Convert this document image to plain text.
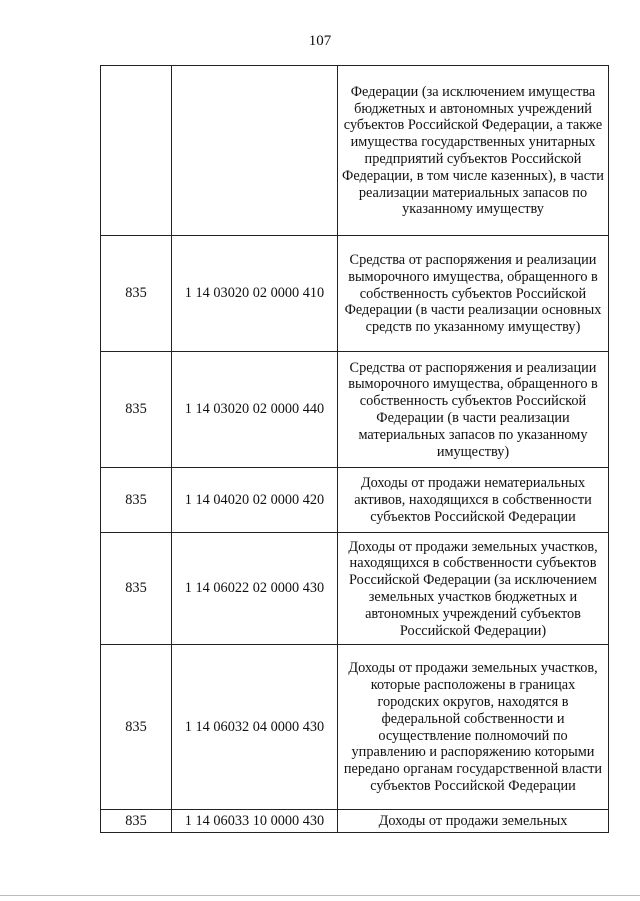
107
		Федерации (за исключением имущества бюджетных и автономных учреждений субъектов Российской Федерации, а также имущества государственных унитарных предприятий субъектов Российской Федерации, в том числе казенных), в части реализации материальных запасов по указанному имуществу
835	1 14 03020 02 0000 410	Средства от распоряжения и реализации выморочного имущества, обращенного в собственность субъектов Российской Федерации (в части реализации основных средств по указанному имуществу)
835	1 14 03020 02 0000 440	Средства от распоряжения и реализации выморочного имущества, обращенного в собственность субъектов Российской Федерации (в части реализации материальных запасов по указанному имуществу)
835	1 14 04020 02 0000 420	Доходы от продажи нематериальных активов, находящихся в собственности субъектов Российской Федерации
835	1 14 06022 02 0000 430	Доходы от продажи земельных участков, находящихся в собственности субъектов Российской Федерации (за исключением земельных участков бюджетных и автономных учреждений субъектов Российской Федерации)
835	1 14 06032 04 0000 430	Доходы от продажи земельных участков, которые расположены в границах городских округов, находятся в федеральной собственности и осуществление полномочий по управлению и распоряжению которыми передано органам государственной власти субъектов Российской Федерации
835	1 14 06033 10 0000 430	Доходы от продажи земельных
